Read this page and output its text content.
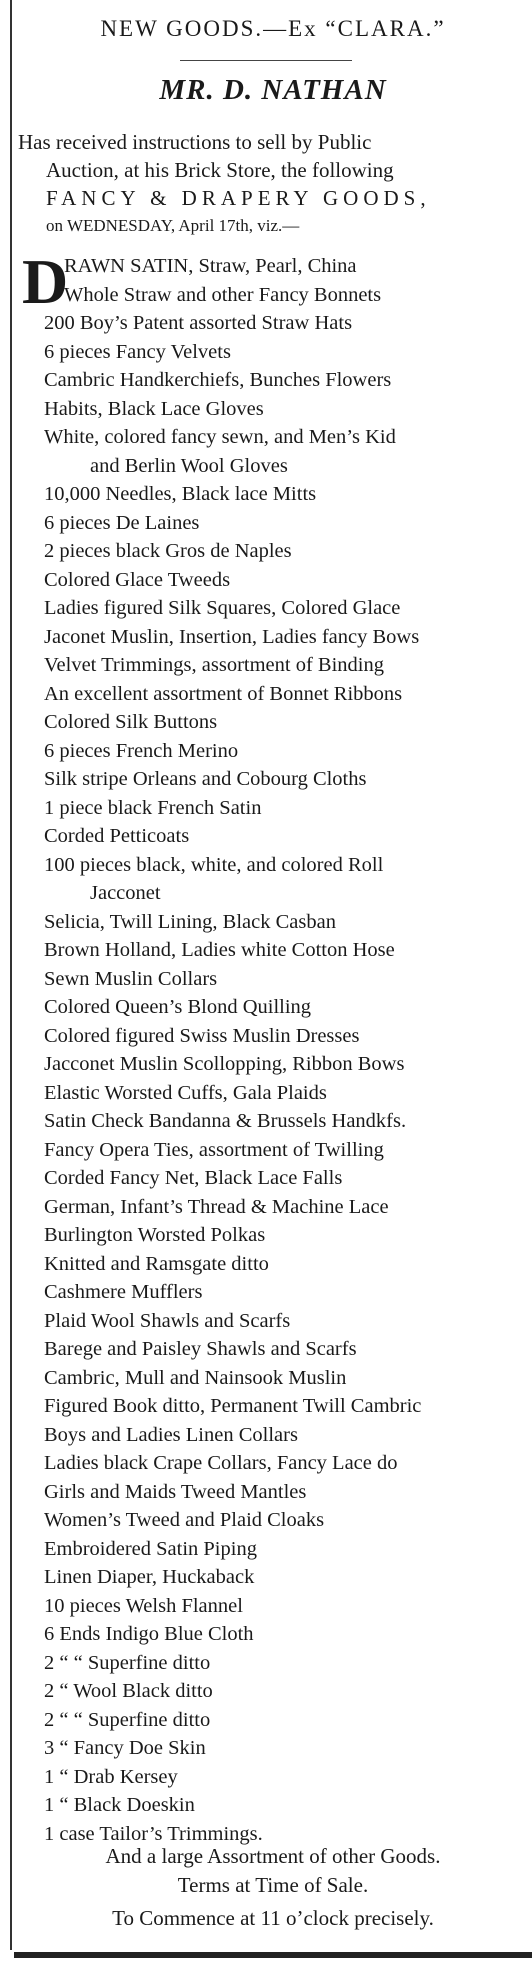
NEW GOODS.—Ex “CLARA.”
MR. D. NATHAN
Has received instructions to sell by Public
Auction, at his Brick Store, the following
FANCY & DRAPERY GOODS,
on WEDNESDAY, April 17th, viz.—
D
RAWN SATIN, Straw, Pearl, China
Whole Straw and other Fancy Bonnets
200 Boy’s Patent assorted Straw Hats
6 pieces Fancy Velvets
Cambric Handkerchiefs, Bunches Flowers
Habits, Black Lace Gloves
White, colored fancy sewn, and Men’s Kid
and Berlin Wool Gloves
10,000 Needles, Black lace Mitts
6 pieces De Laines
2 pieces black Gros de Naples
Colored Glace Tweeds
Ladies figured Silk Squares, Colored Glace
Jaconet Muslin, Insertion, Ladies fancy Bows
Velvet Trimmings, assortment of Binding
An excellent assortment of Bonnet Ribbons
Colored Silk Buttons
6 pieces French Merino
Silk stripe Orleans and Cobourg Cloths
1 piece black French Satin
Corded Petticoats
100 pieces black, white, and colored Roll
Jacconet
Selicia, Twill Lining, Black Casban
Brown Holland, Ladies white Cotton Hose
Sewn Muslin Collars
Colored Queen’s Blond Quilling
Colored figured Swiss Muslin Dresses
Jacconet Muslin Scollopping, Ribbon Bows
Elastic Worsted Cuffs, Gala Plaids
Satin Check Bandanna & Brussels Handkfs.
Fancy Opera Ties, assortment of Twilling
Corded Fancy Net, Black Lace Falls
German, Infant’s Thread & Machine Lace
Burlington Worsted Polkas
Knitted and Ramsgate ditto
Cashmere Mufflers
Plaid Wool Shawls and Scarfs
Barege and Paisley Shawls and Scarfs
Cambric, Mull and Nainsook Muslin
Figured Book ditto, Permanent Twill Cambric
Boys and Ladies Linen Collars
Ladies black Crape Collars, Fancy Lace do
Girls and Maids Tweed Mantles
Women’s Tweed and Plaid Cloaks
Embroidered Satin Piping
Linen Diaper, Huckaback
10 pieces Welsh Flannel
6 Ends Indigo Blue Cloth
2 “ “ Superfine ditto
2 “ Wool Black ditto
2 “ “ Superfine ditto
3 “ Fancy Doe Skin
1 “ Drab Kersey
1 “ Black Doeskin
1 case Tailor’s Trimmings.
And a large Assortment of other Goods.
Terms at Time of Sale.
To Commence at 11 o’clock precisely.
